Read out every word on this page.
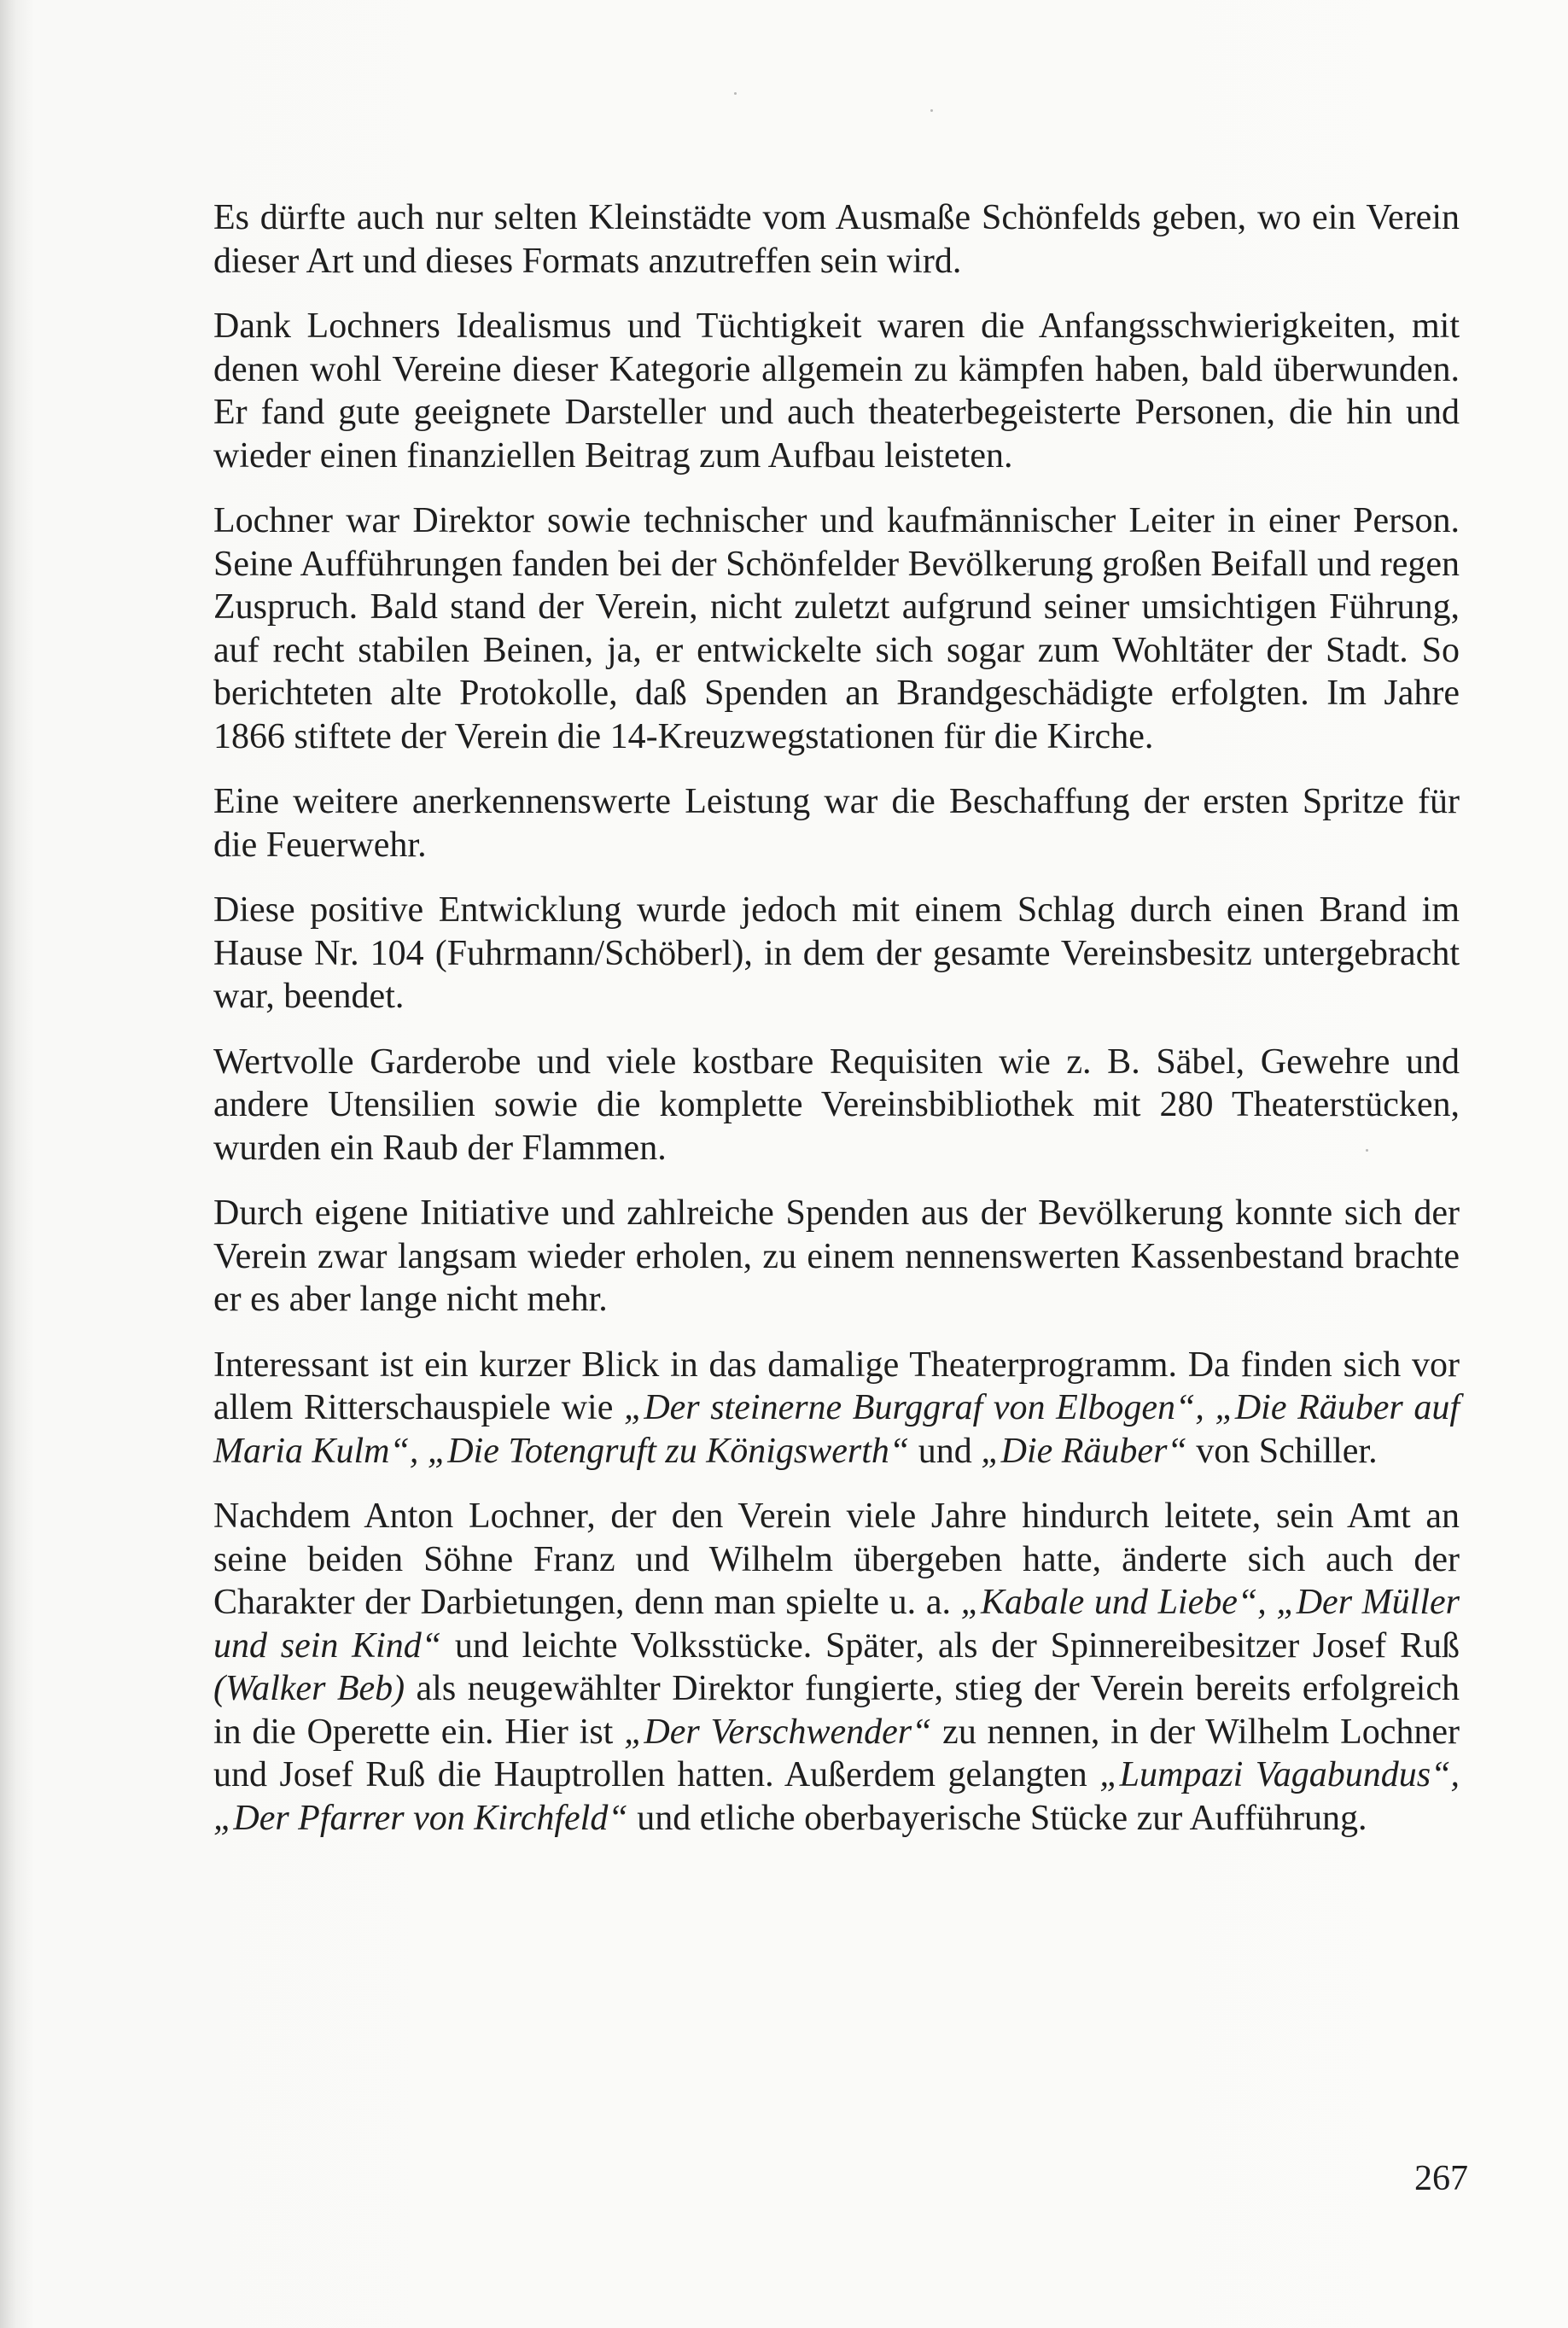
Es dürfte auch nur selten Kleinstädte vom Ausmaße Schönfelds geben, wo ein Verein dieser Art und dieses Formats anzutreffen sein wird.

Dank Lochners Idealismus und Tüchtigkeit waren die Anfangsschwierigkeiten, mit denen wohl Vereine dieser Kategorie allgemein zu kämpfen haben, bald überwunden. Er fand gute geeignete Darsteller und auch theaterbegeisterte Personen, die hin und wieder einen finanziellen Beitrag zum Aufbau leisteten.

Lochner war Direktor sowie technischer und kaufmännischer Leiter in einer Person. Seine Aufführungen fanden bei der Schönfelder Bevölkerung großen Beifall und regen Zuspruch. Bald stand der Verein, nicht zuletzt aufgrund seiner umsichtigen Führung, auf recht stabilen Beinen, ja, er entwickelte sich sogar zum Wohltäter der Stadt. So berichteten alte Protokolle, daß Spenden an Brandgeschädigte erfolgten. Im Jahre 1866 stiftete der Verein die 14-Kreuzwegstationen für die Kirche.

Eine weitere anerkennenswerte Leistung war die Beschaffung der ersten Spritze für die Feuerwehr.

Diese positive Entwicklung wurde jedoch mit einem Schlag durch einen Brand im Hause Nr. 104 (Fuhrmann/Schöberl), in dem der gesamte Vereinsbesitz untergebracht war, beendet.

Wertvolle Garderobe und viele kostbare Requisiten wie z. B. Säbel, Gewehre und andere Utensilien sowie die komplette Vereinsbibliothek mit 280 Theaterstücken, wurden ein Raub der Flammen.

Durch eigene Initiative und zahlreiche Spenden aus der Bevölkerung konnte sich der Verein zwar langsam wieder erholen, zu einem nennenswerten Kassenbestand brachte er es aber lange nicht mehr.

Interessant ist ein kurzer Blick in das damalige Theaterprogramm. Da finden sich vor allem Ritterschauspiele wie „Der steinerne Burggraf von Elbogen“, „Die Räuber auf Maria Kulm“, „Die Totengruft zu Königswerth“ und „Die Räuber“ von Schiller.

Nachdem Anton Lochner, der den Verein viele Jahre hindurch leitete, sein Amt an seine beiden Söhne Franz und Wilhelm übergeben hatte, änderte sich auch der Charakter der Darbietungen, denn man spielte u. a. „Kabale und Liebe“, „Der Müller und sein Kind“ und leichte Volksstücke. Später, als der Spinnereibesitzer Josef Ruß (Walker Beb) als neugewählter Direktor fungierte, stieg der Verein bereits erfolgreich in die Operette ein. Hier ist „Der Verschwender“ zu nennen, in der Wilhelm Lochner und Josef Ruß die Hauptrollen hatten. Außerdem gelangten „Lumpazi Vagabundus“, „Der Pfarrer von Kirchfeld“ und etliche oberbayerische Stücke zur Aufführung.

267
